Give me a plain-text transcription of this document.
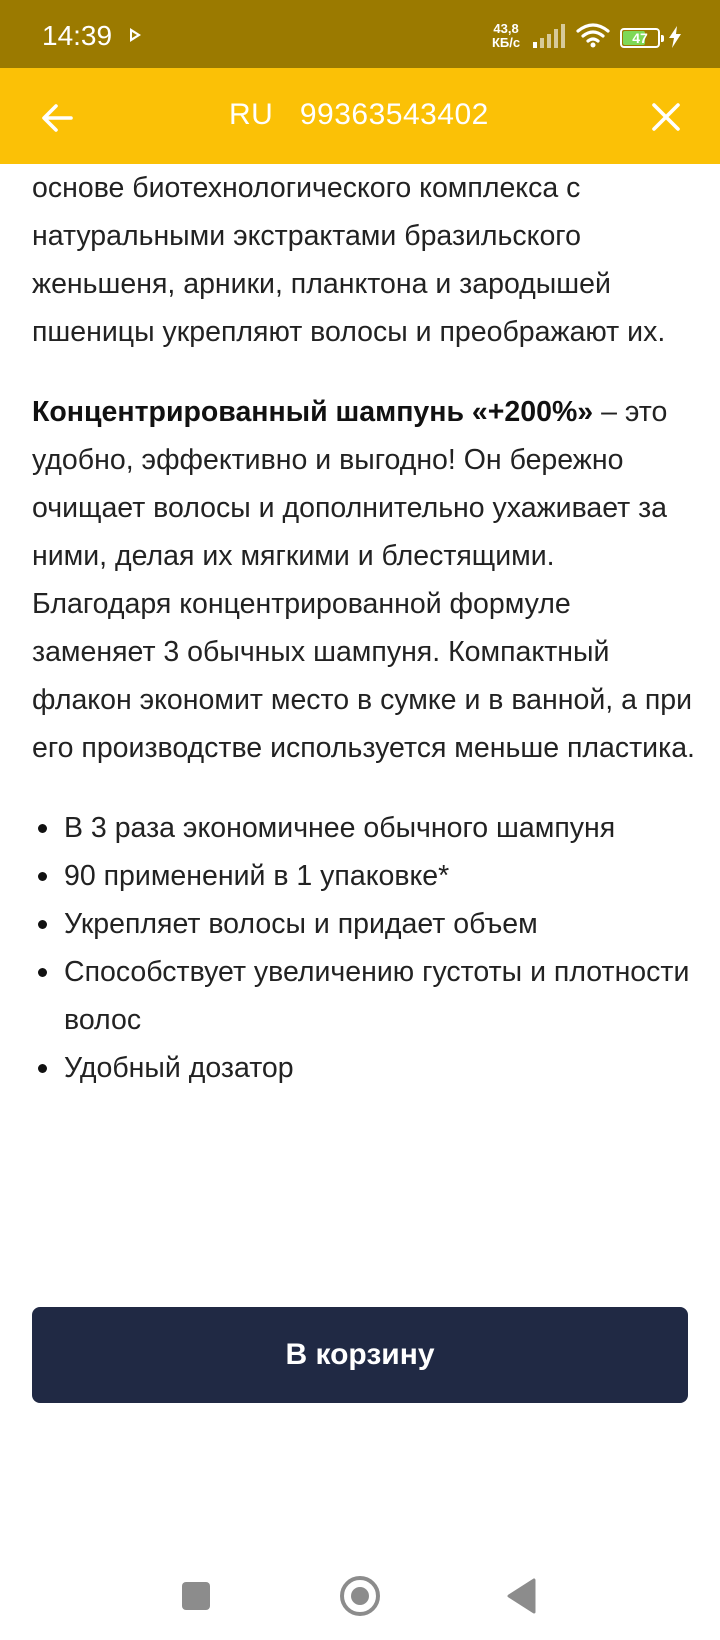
14:39	43,8
КБ/с	47
RU   99363543402

основе биотехнологического комплекса с натуральными экстрактами бразильского женьшеня, арники, планктона и зародышей пшеницы укрепляют волосы и преображают их.

Концентрированный шампунь «+200%» – это удобно, эффективно и выгодно! Он бережно очищает волосы и дополнительно ухаживает за ними, делая их мягкими и блестящими. Благодаря концентрированной формуле заменяет 3 обычных шампуня. Компактный флакон экономит место в сумке и в ванной, а при его производстве используется меньше пластика.

В 3 раза экономичнее обычного шампуня
90 применений в 1 упаковке*
Укрепляет волосы и придает объем
Способствует увеличению густоты и плотности волос
Удобный дозатор
В корзину
